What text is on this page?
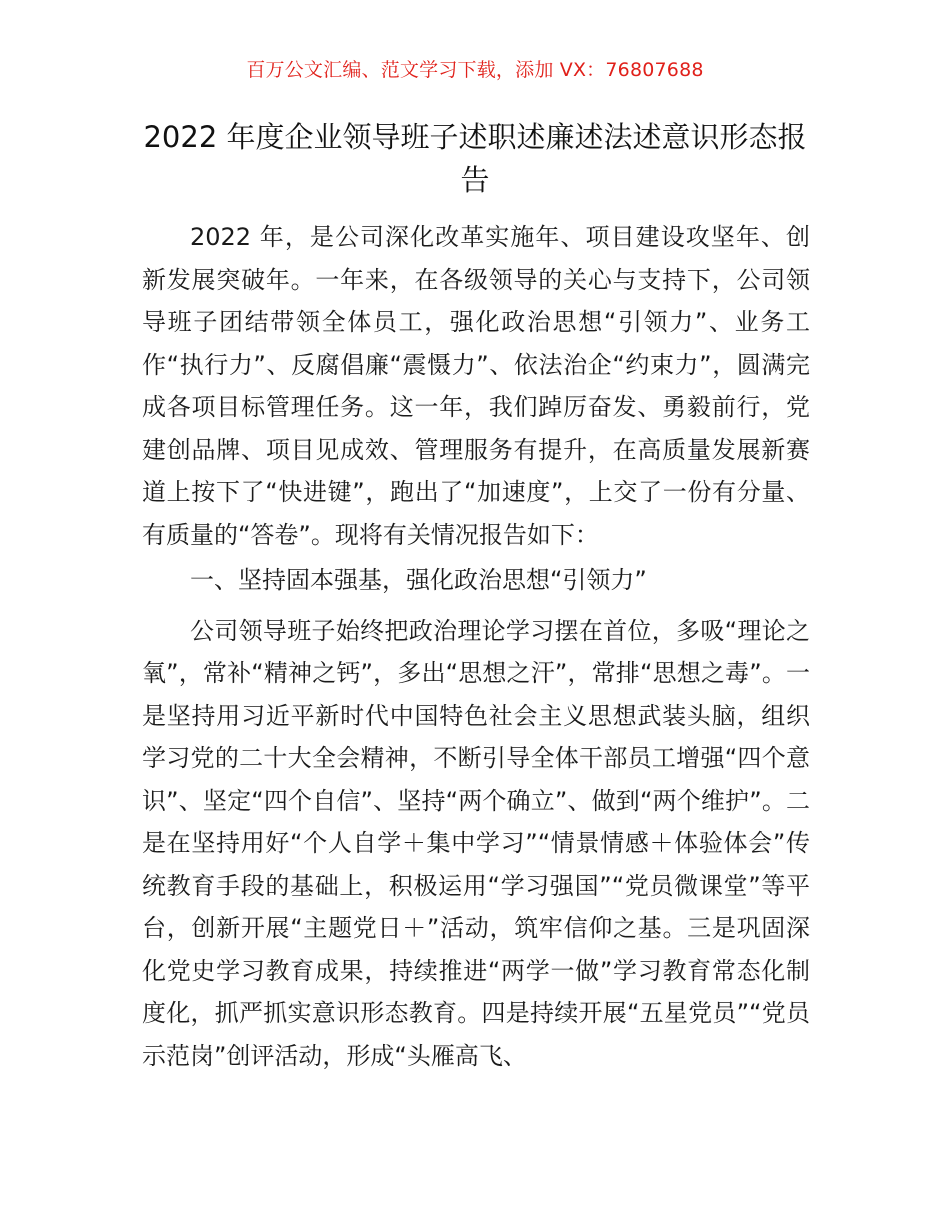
百万公文汇编、范文学习下载，添加 VX：76807688
2022 年度企业领导班子述职述廉述法述意识形态报告

2022 年，是公司深化改革实施年、项目建设攻坚年、创新发展突破年。一年来，在各级领导的关心与支持下，公司领导班子团结带领全体员工，强化政治思想“引领力”、业务工作“执行力”、反腐倡廉“震慑力”、依法治企“约束力”，圆满完成各项目标管理任务。这一年，我们踔厉奋发、勇毅前行，党建创品牌、项目见成效、管理服务有提升，在高质量发展新赛道上按下了“快进键”，跑出了“加速度”，上交了一份有分量、有质量的“答卷”。现将有关情况报告如下：

一、坚持固本强基，强化政治思想“引领力”

公司领导班子始终把政治理论学习摆在首位，多吸“理论之氧”，常补“精神之钙”，多出“思想之汗”，常排“思想之毒”。一是坚持用习近平新时代中国特色社会主义思想武装头脑，组织学习党的二十大全会精神，不断引导全体干部员工增强“四个意识”、坚定“四个自信”、坚持“两个确立”、做到“两个维护”。二是在坚持用好“个人自学＋集中学习”“情景情感＋体验体会”传统教育手段的基础上，积极运用“学习强国”“党员微课堂”等平台，创新开展“主题党日＋”活动，筑牢信仰之基。三是巩固深化党史学习教育成果，持续推进“两学一做”学习教育常态化制度化，抓严抓实意识形态教育。四是持续开展“五星党员”“党员示范岗”创评活动，形成“头雁高飞、
